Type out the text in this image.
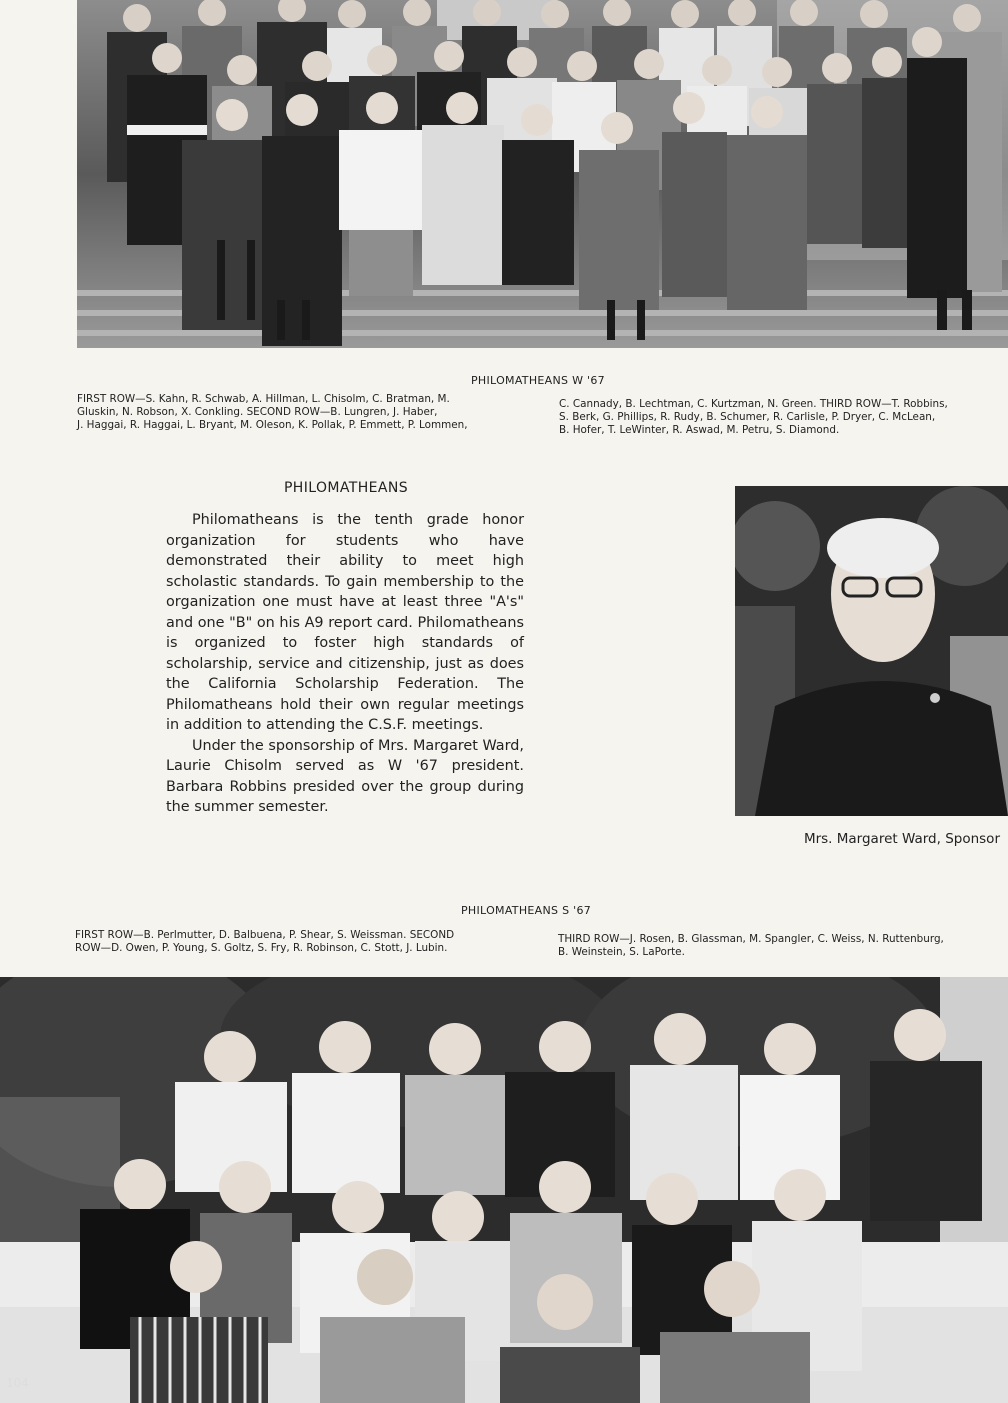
PHILOMATHEANS W '67
FIRST ROW—S. Kahn, R. Schwab, A. Hillman, L. Chisolm, C. Bratman, M.
Gluskin, N. Robson, X. Conkling. SECOND ROW—B. Lungren, J. Haber,
J. Haggai, R. Haggai, L. Bryant, M. Oleson, K. Pollak, P. Emmett, P. Lommen,
C. Cannady, B. Lechtman, C. Kurtzman, N. Green. THIRD ROW—T. Robbins,
S. Berk, G. Phillips, R. Rudy, B. Schumer, R. Carlisle, P. Dryer, C. McLean,
B. Hofer, T. LeWinter, R. Aswad, M. Petru, S. Diamond.
PHILOMATHEANS

Philomatheans is the tenth grade honor organization for students who have demonstrated their ability to meet high scholastic standards. To gain membership to the organization one must have at least three "A's" and one "B" on his A9 report card. Philomatheans is organized to foster high standards of scholarship, service and citizenship, just as does the California Scholarship Federation. The Philomatheans hold their own regular meetings in addition to attending the C.S.F. meetings.

Under the sponsorship of Mrs. Margaret Ward, Laurie Chisolm served as W '67 president. Barbara Robbins presided over the group during the summer semester.

Mrs. Margaret Ward, Sponsor
PHILOMATHEANS S '67
FIRST ROW—B. Perlmutter, D. Balbuena, P. Shear, S. Weissman. SECOND
ROW—D. Owen, P. Young, S. Goltz, S. Fry, R. Robinson, C. Stott, J. Lubin.
THIRD ROW—J. Rosen, B. Glassman, M. Spangler, C. Weiss, N. Ruttenburg,
B. Weinstein, S. LaPorte.
104
